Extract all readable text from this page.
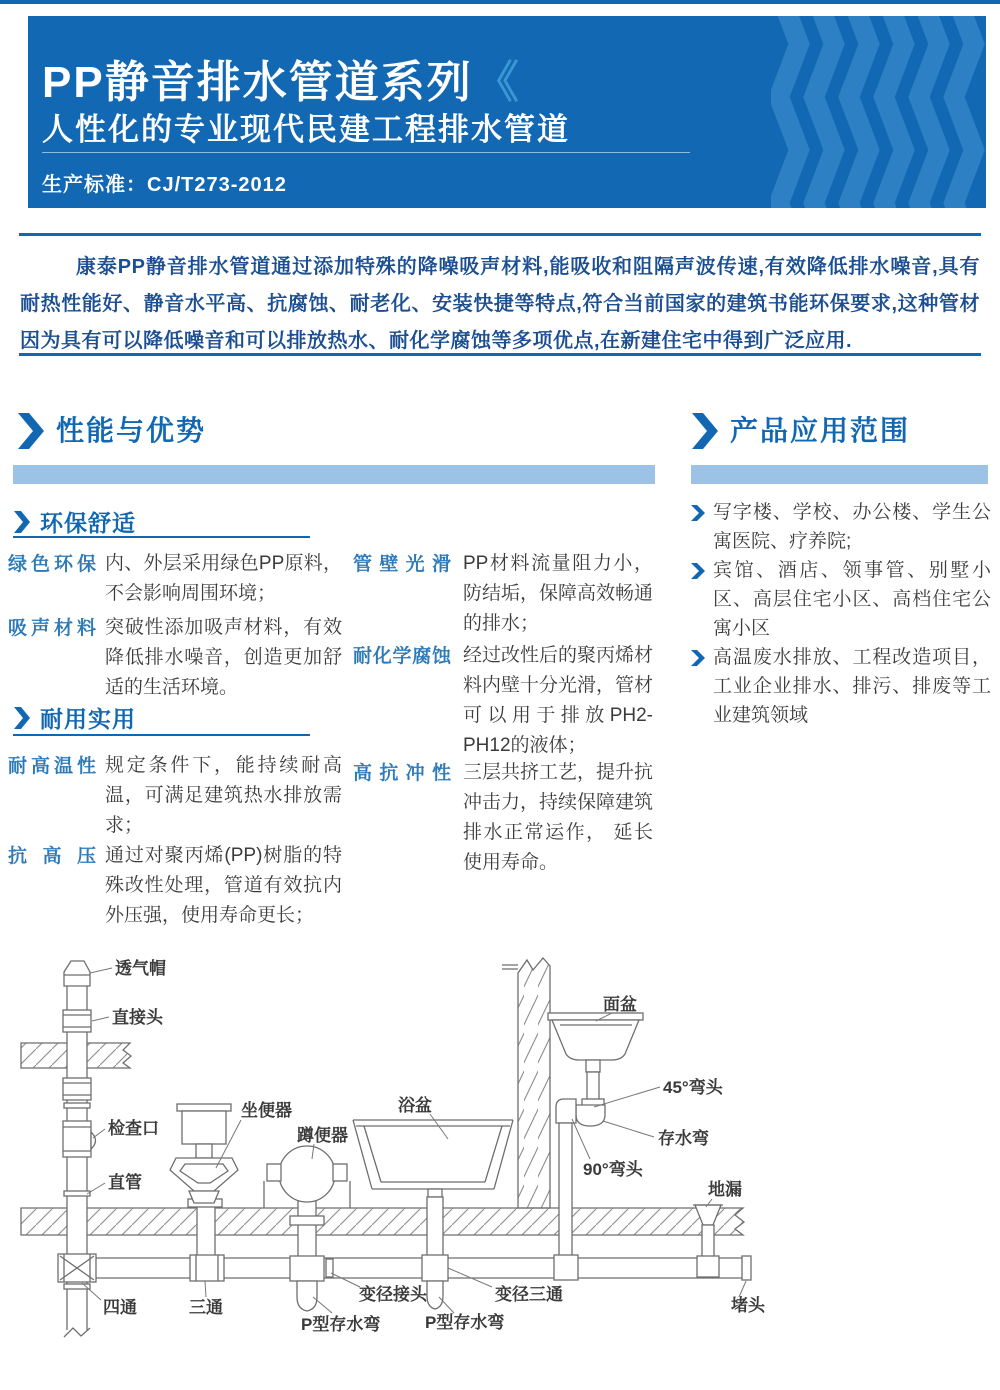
PP静音排水管道系列《
人性化的专业现代民建工程排水管道
生产标准：CJ/T273-2012

康泰PP静音排水管道通过添加特殊的降噪吸声材料,能吸收和阻隔声波传速,有效降低排水噪音,具有耐热性能好、静音水平高、抗腐蚀、耐老化、安装快捷等特点,符合当前国家的建筑书能环保要求,这种管材因为具有可以降低噪音和可以排放热水、耐化学腐蚀等多项优点,在新建住宅中得到广泛应用.

性能与优势
环保舒适
绿色环保 内、外层采用绿色PP原料，不会影响周围环境；
吸声材料 突破性添加吸声材料，有效降低排水噪音，创造更加舒适的生活环境。
耐用实用
耐高温性 规定条件下，能持续耐高温，可满足建筑热水排放需求；
抗高压 通过对聚丙烯(PP)树脂的特殊改性处理，管道有效抗内外压强，使用寿命更长；
管壁光滑 PP材料流量阻力小，防结垢，保障高效畅通的排水；
耐化学腐蚀 经过改性后的聚丙烯材料内壁十分光滑，管材可以用于排放PH2-PH12的液体；
高抗冲性 三层共挤工艺，提升抗冲击力，持续保障建筑排水正常运作， 延长使用寿命。
产品应用范围

写字楼、学校、办公楼、学生公寓医院、疗养院;

宾馆、酒店、领事管、别墅小区、高层住宅小区、高档住宅公寓小区

高温废水排放、工程改造项目，工业企业排水、排污、排废等工业建筑领域

透气帽
直接头
检查口
直管
四通	三通
坐便器
蹲便器
浴盆
面盆
45°弯头
存水弯
90°弯头
地漏
变径接头	变径三通
P型存水弯	P型存水弯
堵头
